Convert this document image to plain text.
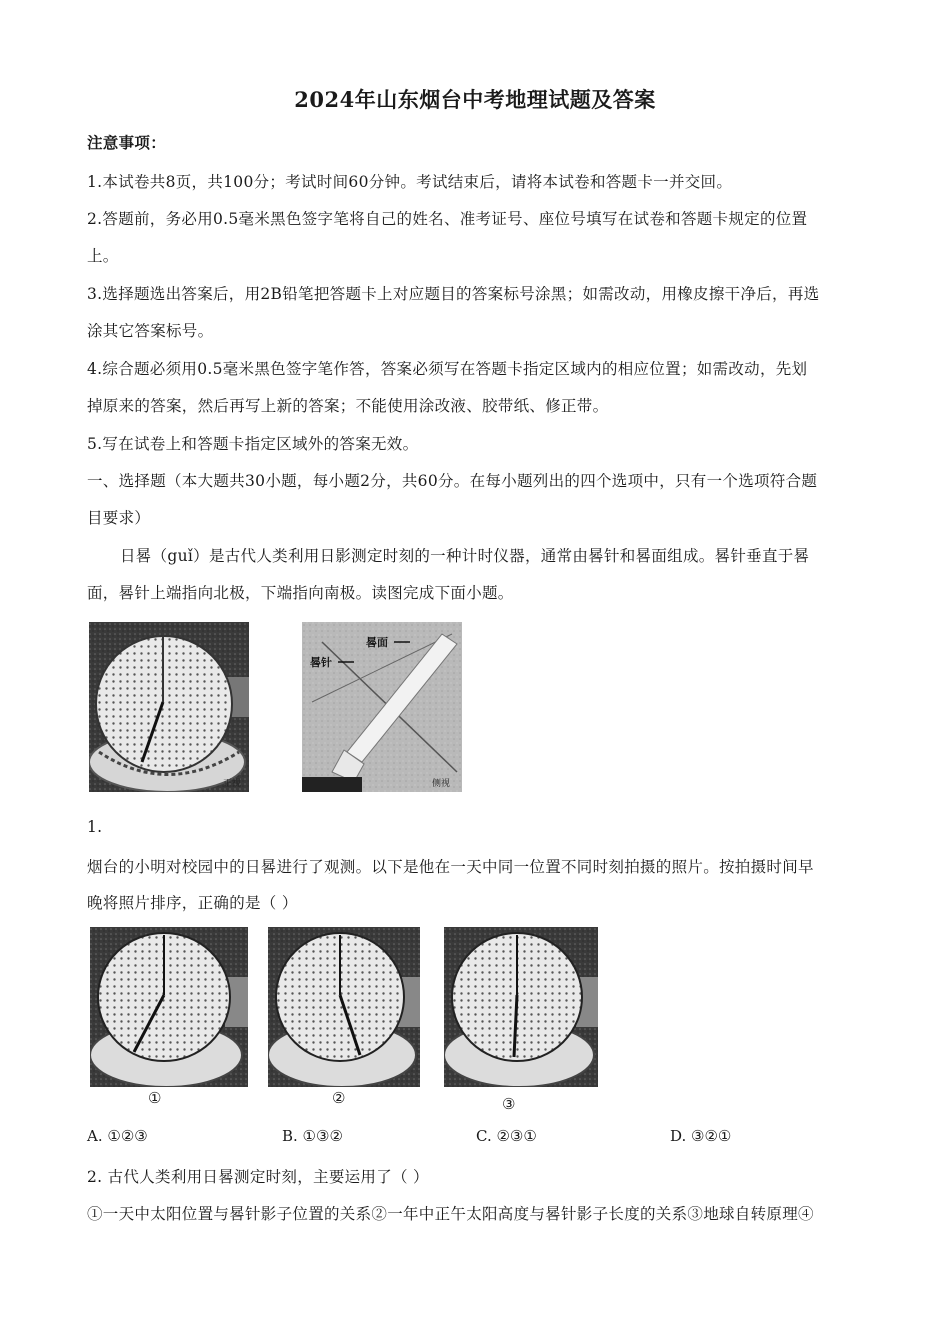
2024年山东烟台中考地理试题及答案
注意事项：
1.本试卷共8页，共100分；考试时间60分钟。考试结束后，请将本试卷和答题卡一并交回。
2.答题前，务必用0.5毫米黑色签字笔将自己的姓名、准考证号、座位号填写在试卷和答题卡规定的位置
上。
3.选择题选出答案后，用2B铅笔把答题卡上对应题目的答案标号涂黑；如需改动，用橡皮擦干净后，再选
涂其它答案标号。
4.综合题必须用0.5毫米黑色签字笔作答，答案必须写在答题卡指定区域内的相应位置；如需改动，先划
掉原来的答案，然后再写上新的答案；不能使用涂改液、胶带纸、修正带。
5.写在试卷上和答题卡指定区域外的答案无效。
一、选择题（本大题共30小题，每小题2分，共60分。在每小题列出的四个选项中，只有一个选项符合题
目要求）
日晷（guǐ）是古代人类利用日影测定时刻的一种计时仪器，通常由晷针和晷面组成。晷针垂直于晷
面，晷针上端指向北极，下端指向南极。读图完成下面小题。
正视
晷面
晷针
侧视
1.
烟台的小明对校园中的日晷进行了观测。以下是他在一天中同一位置不同时刻拍摄的照片。按拍摄时间早
晚将照片排序，正确的是（ ）
①	②	③
A. ①②③	B. ①③②	C. ②③①	D. ③②①
2. 古代人类利用日晷测定时刻，主要运用了（ ）
①一天中太阳位置与晷针影子位置的关系②一年中正午太阳高度与晷针影子长度的关系③地球自转原理④
